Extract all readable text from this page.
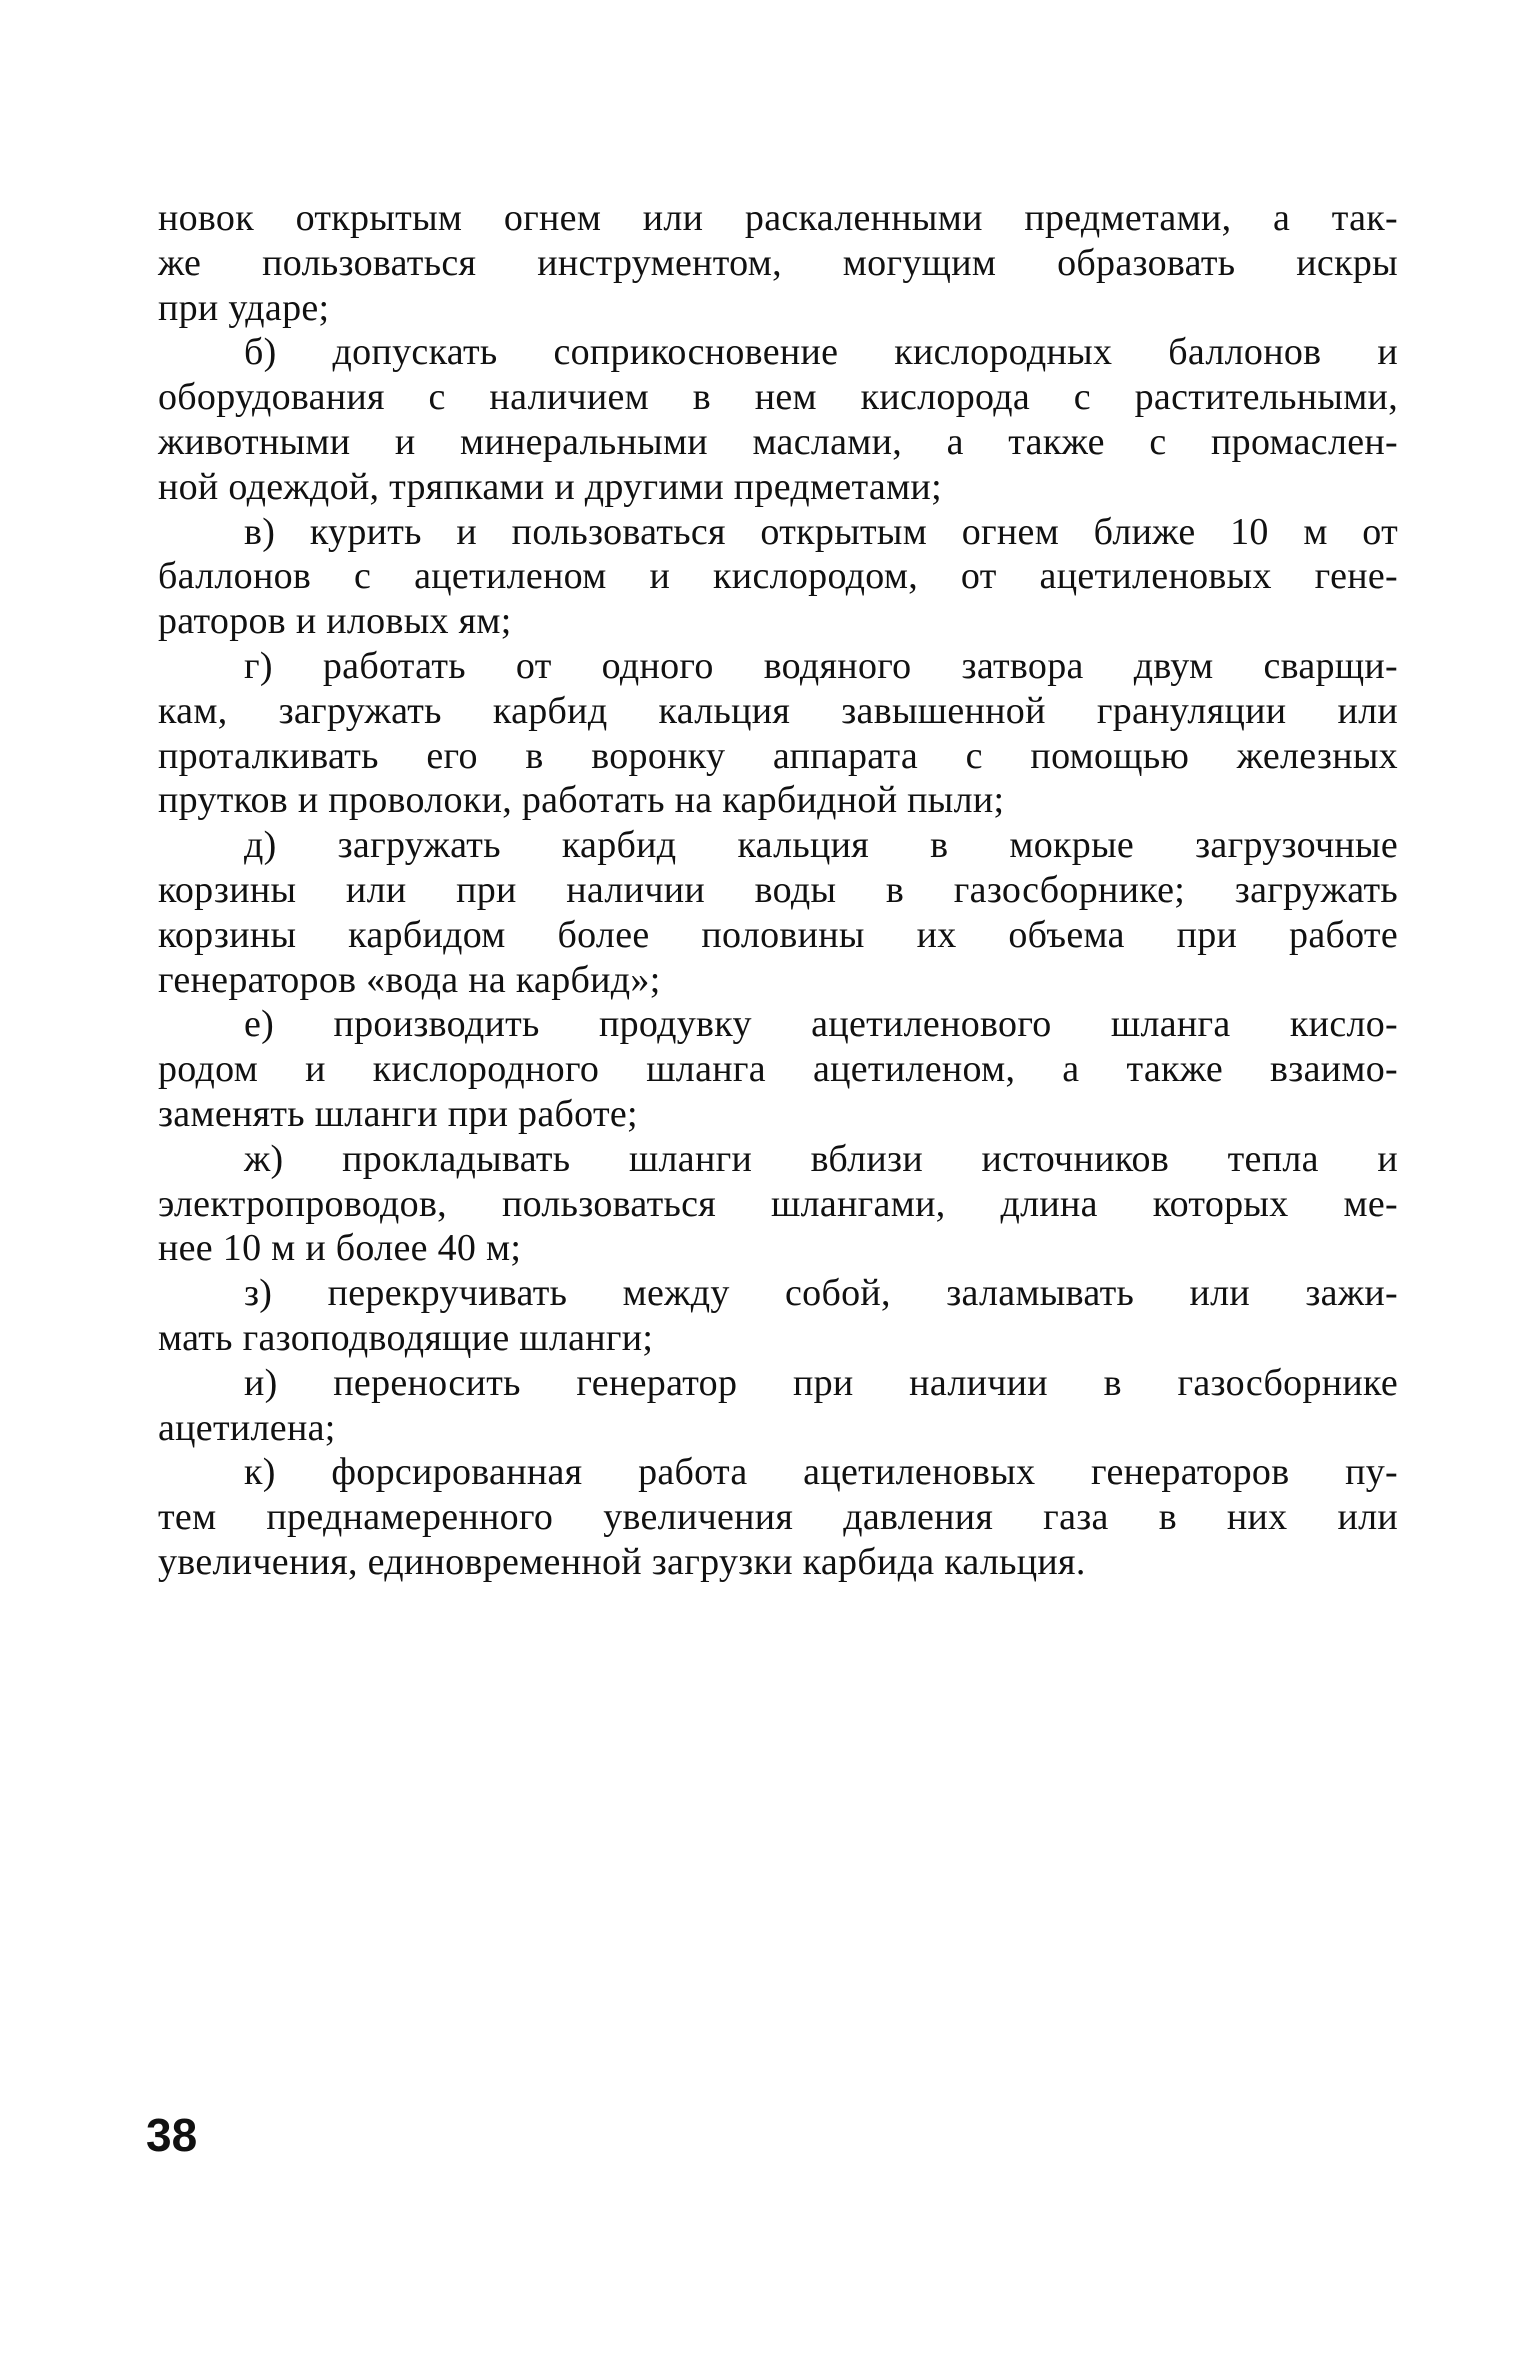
новок открытым огнем или раскаленными предметами, а так-
же пользоваться инструментом, могущим образовать искры
при ударе;
б) допускать соприкосновение кислородных баллонов и
оборудования с наличием в нем кислорода с растительными,
животными и минеральными маслами, а также с промаслен-
ной одеждой, тряпками и другими предметами;
в) курить и пользоваться открытым огнем ближе 10 м от
баллонов с ацетиленом и кислородом, от ацетиленовых гене-
раторов и иловых ям;
г) работать от одного водяного затвора двум сварщи-
кам, загружать карбид кальция завышенной грануляции или
проталкивать его в воронку аппарата с помощью железных
прутков и проволоки, работать на карбидной пыли;
д) загружать карбид кальция в мокрые загрузочные
корзины или при наличии воды в газосборнике; загружать
корзины карбидом более половины их объема при работе
генераторов «вода на карбид»;
е) производить продувку ацетиленового шланга кисло-
родом и кислородного шланга ацетиленом, а также взаимо-
заменять шланги при работе;
ж) прокладывать шланги вблизи источников тепла и
электропроводов, пользоваться шлангами, длина которых ме-
нее 10 м и более 40 м;
з) перекручивать между собой, заламывать или зажи-
мать газоподводящие шланги;
и) переносить генератор при наличии в газосборнике
ацетилена;
к) форсированная работа ацетиленовых генераторов пу-
тем преднамеренного увеличения давления газа в них или
увеличения, единовременной загрузки карбида кальция.
38
